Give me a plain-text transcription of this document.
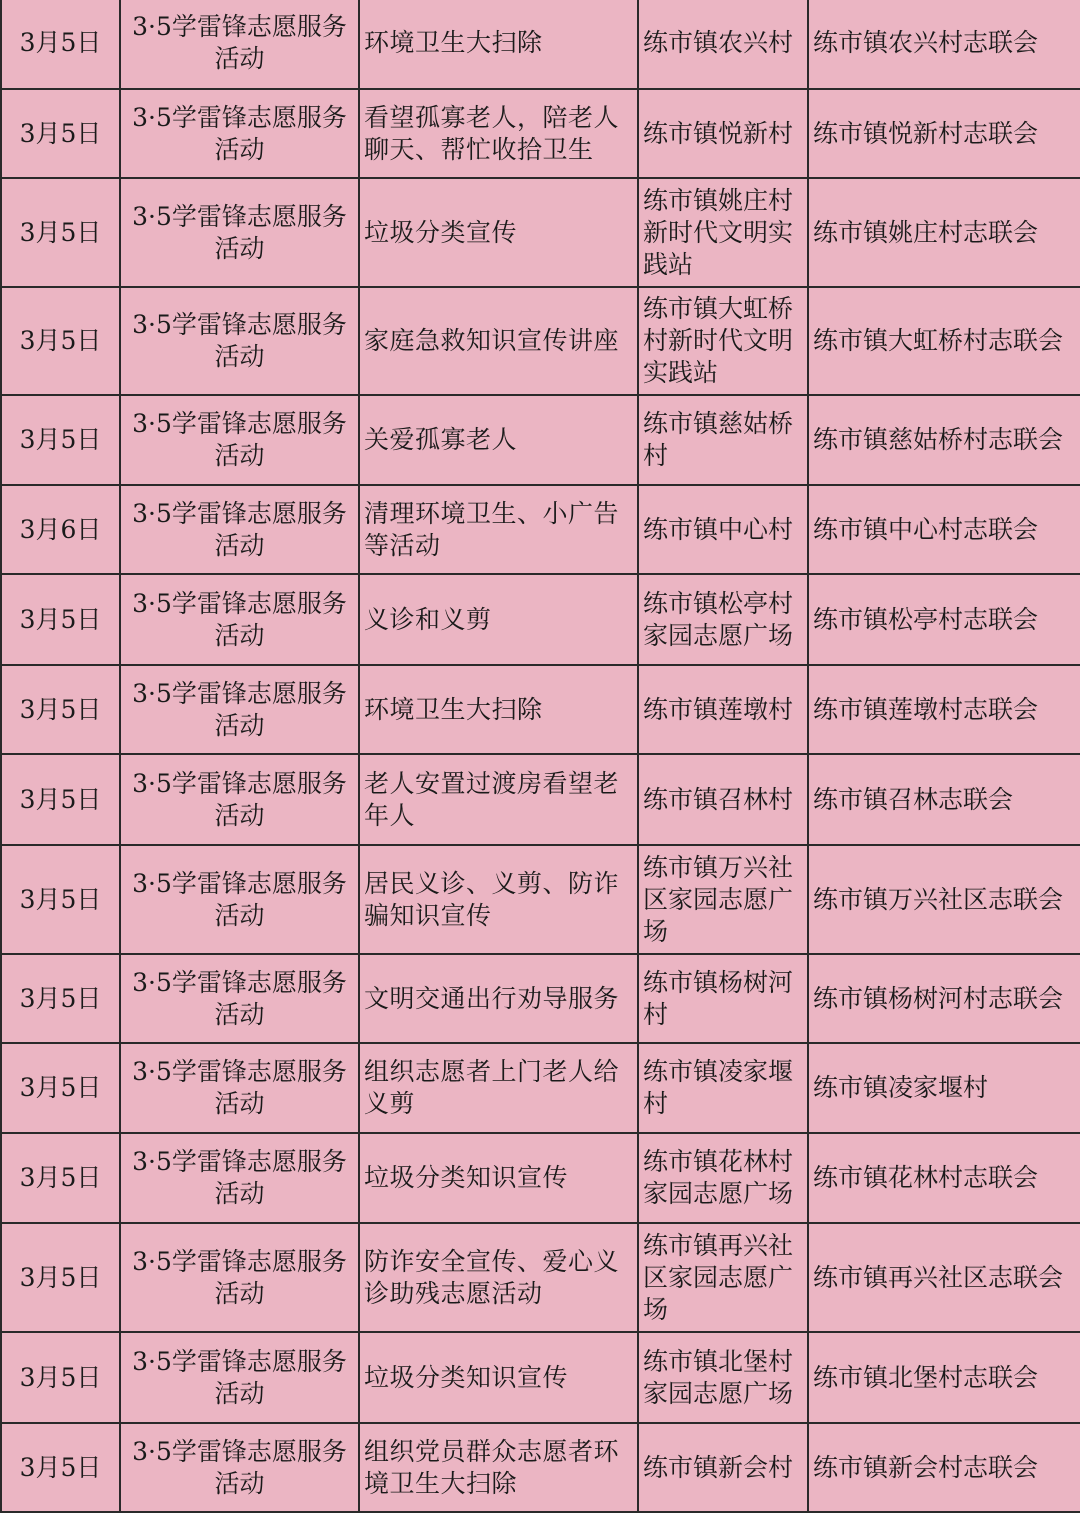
3月5日	3·5学雷锋志愿服务活动	环境卫生大扫除	练市镇农兴村	练市镇农兴村志联会
3月5日	3·5学雷锋志愿服务活动	看望孤寡老人，陪老人聊天、帮忙收拾卫生	练市镇悦新村	练市镇悦新村志联会
3月5日	3·5学雷锋志愿服务活动	垃圾分类宣传	练市镇姚庄村新时代文明实践站	练市镇姚庄村志联会
3月5日	3·5学雷锋志愿服务活动	家庭急救知识宣传讲座	练市镇大虹桥村新时代文明实践站	练市镇大虹桥村志联会
3月5日	3·5学雷锋志愿服务活动	关爱孤寡老人	练市镇慈姑桥村	练市镇慈姑桥村志联会
3月6日	3·5学雷锋志愿服务活动	清理环境卫生、小广告等活动	练市镇中心村	练市镇中心村志联会
3月5日	3·5学雷锋志愿服务活动	义诊和义剪	练市镇松亭村家园志愿广场	练市镇松亭村志联会
3月5日	3·5学雷锋志愿服务活动	环境卫生大扫除	练市镇莲墩村	练市镇莲墩村志联会
3月5日	3·5学雷锋志愿服务活动	老人安置过渡房看望老年人	练市镇召林村	练市镇召林志联会
3月5日	3·5学雷锋志愿服务活动	居民义诊、义剪、防诈骗知识宣传	练市镇万兴社区家园志愿广场	练市镇万兴社区志联会
3月5日	3·5学雷锋志愿服务活动	文明交通出行劝导服务	练市镇杨树河村	练市镇杨树河村志联会
3月5日	3·5学雷锋志愿服务活动	组织志愿者上门老人给义剪	练市镇凌家堰村	练市镇凌家堰村
3月5日	3·5学雷锋志愿服务活动	垃圾分类知识宣传	练市镇花林村家园志愿广场	练市镇花林村志联会
3月5日	3·5学雷锋志愿服务活动	防诈安全宣传、爱心义诊助残志愿活动	练市镇再兴社区家园志愿广场	练市镇再兴社区志联会
3月5日	3·5学雷锋志愿服务活动	垃圾分类知识宣传	练市镇北堡村家园志愿广场	练市镇北堡村志联会
3月5日	3·5学雷锋志愿服务活动	组织党员群众志愿者环境卫生大扫除	练市镇新会村	练市镇新会村志联会
